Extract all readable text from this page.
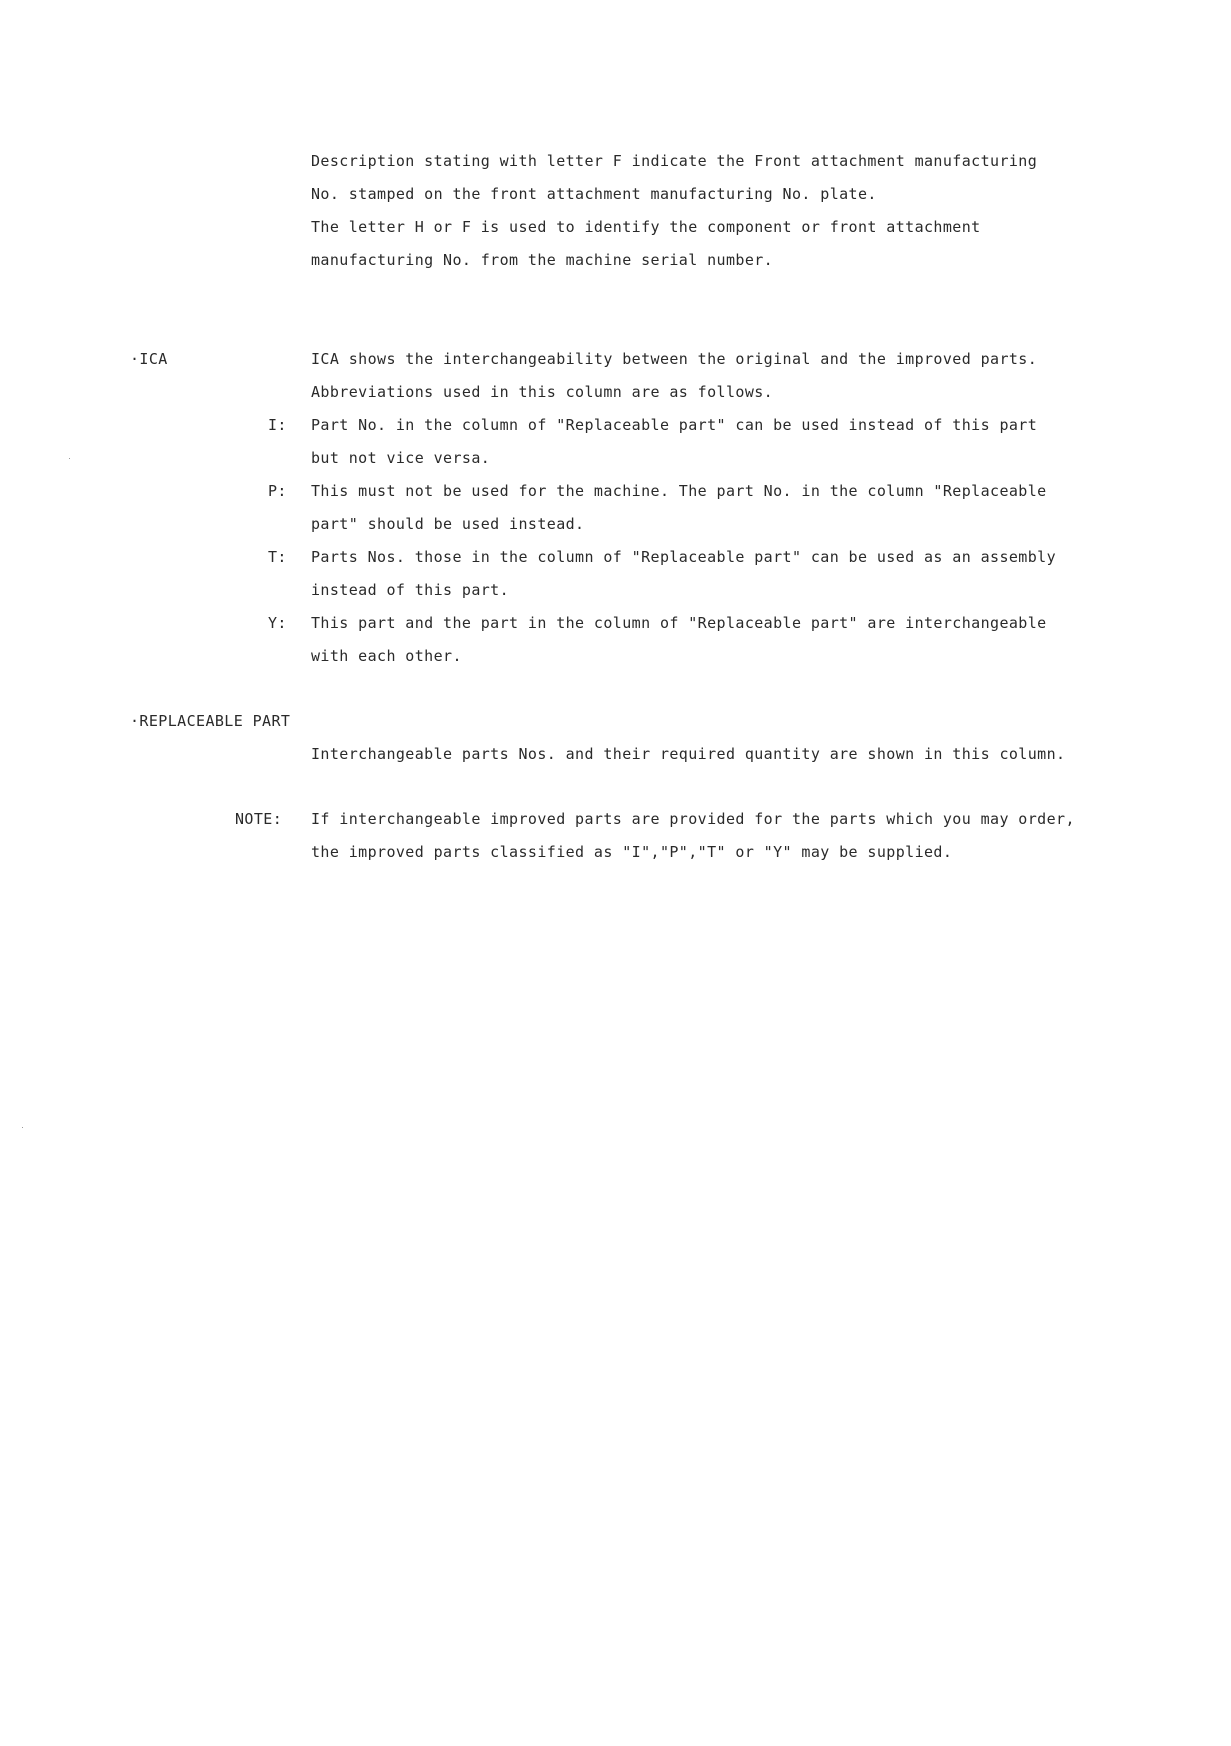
Description stating with letter F indicate the Front attachment manufacturing
No. stamped on the front attachment manufacturing No. plate.
The letter H or F is used to identify the component or front attachment
manufacturing No. from the machine serial number.
·ICA	ICA shows the interchangeability between the original and the improved parts.
Abbreviations used in this column are as follows.
I: Part No. in the column of "Replaceable part" can be used instead of this part
but not vice versa.
P: This must not be used for the machine. The part No. in the column "Replaceable
part" should be used instead.
T: Parts Nos. those in the column of "Replaceable part" can be used as an assembly
instead of this part.
Y: This part and the part in the column of "Replaceable part" are interchangeable
with each other.
·REPLACEABLE PART
Interchangeable parts Nos. and their required quantity are shown in this column.
NOTE: If interchangeable improved parts are provided for the parts which you may order,
the improved parts classified as "I","P","T" or "Y" may be supplied.
